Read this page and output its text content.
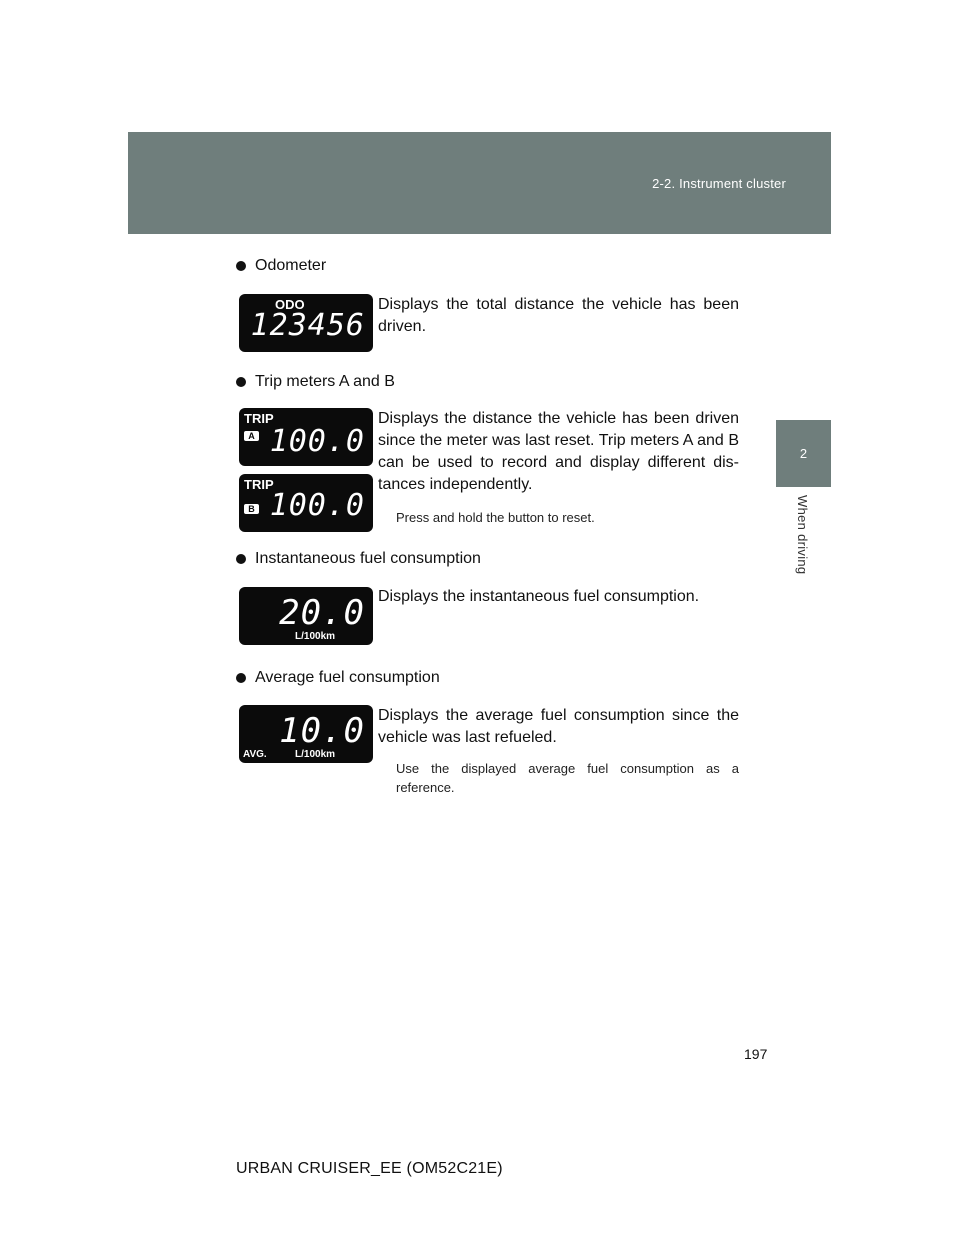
2-2. Instrument cluster
2
When driving
Odometer
ODO
123456
Displays the total distance the vehicle has been driven.
Trip meters A and B
TRIP
A 100.0
TRIP
B 100.0
Displays the distance the vehicle has been driven since the meter was last reset. Trip meters A and B can be used to record and display different dis-tances independently.
Press and hold the button to reset.
Instantaneous fuel consumption
20.0
L/100km
Displays the instantaneous fuel consumption.
Average fuel consumption
10.0
AVG.	L/100km
Displays the average fuel consumption since the vehicle was last refueled.
Use the displayed average fuel consumption as a reference.
197
URBAN CRUISER_EE (OM52C21E)
